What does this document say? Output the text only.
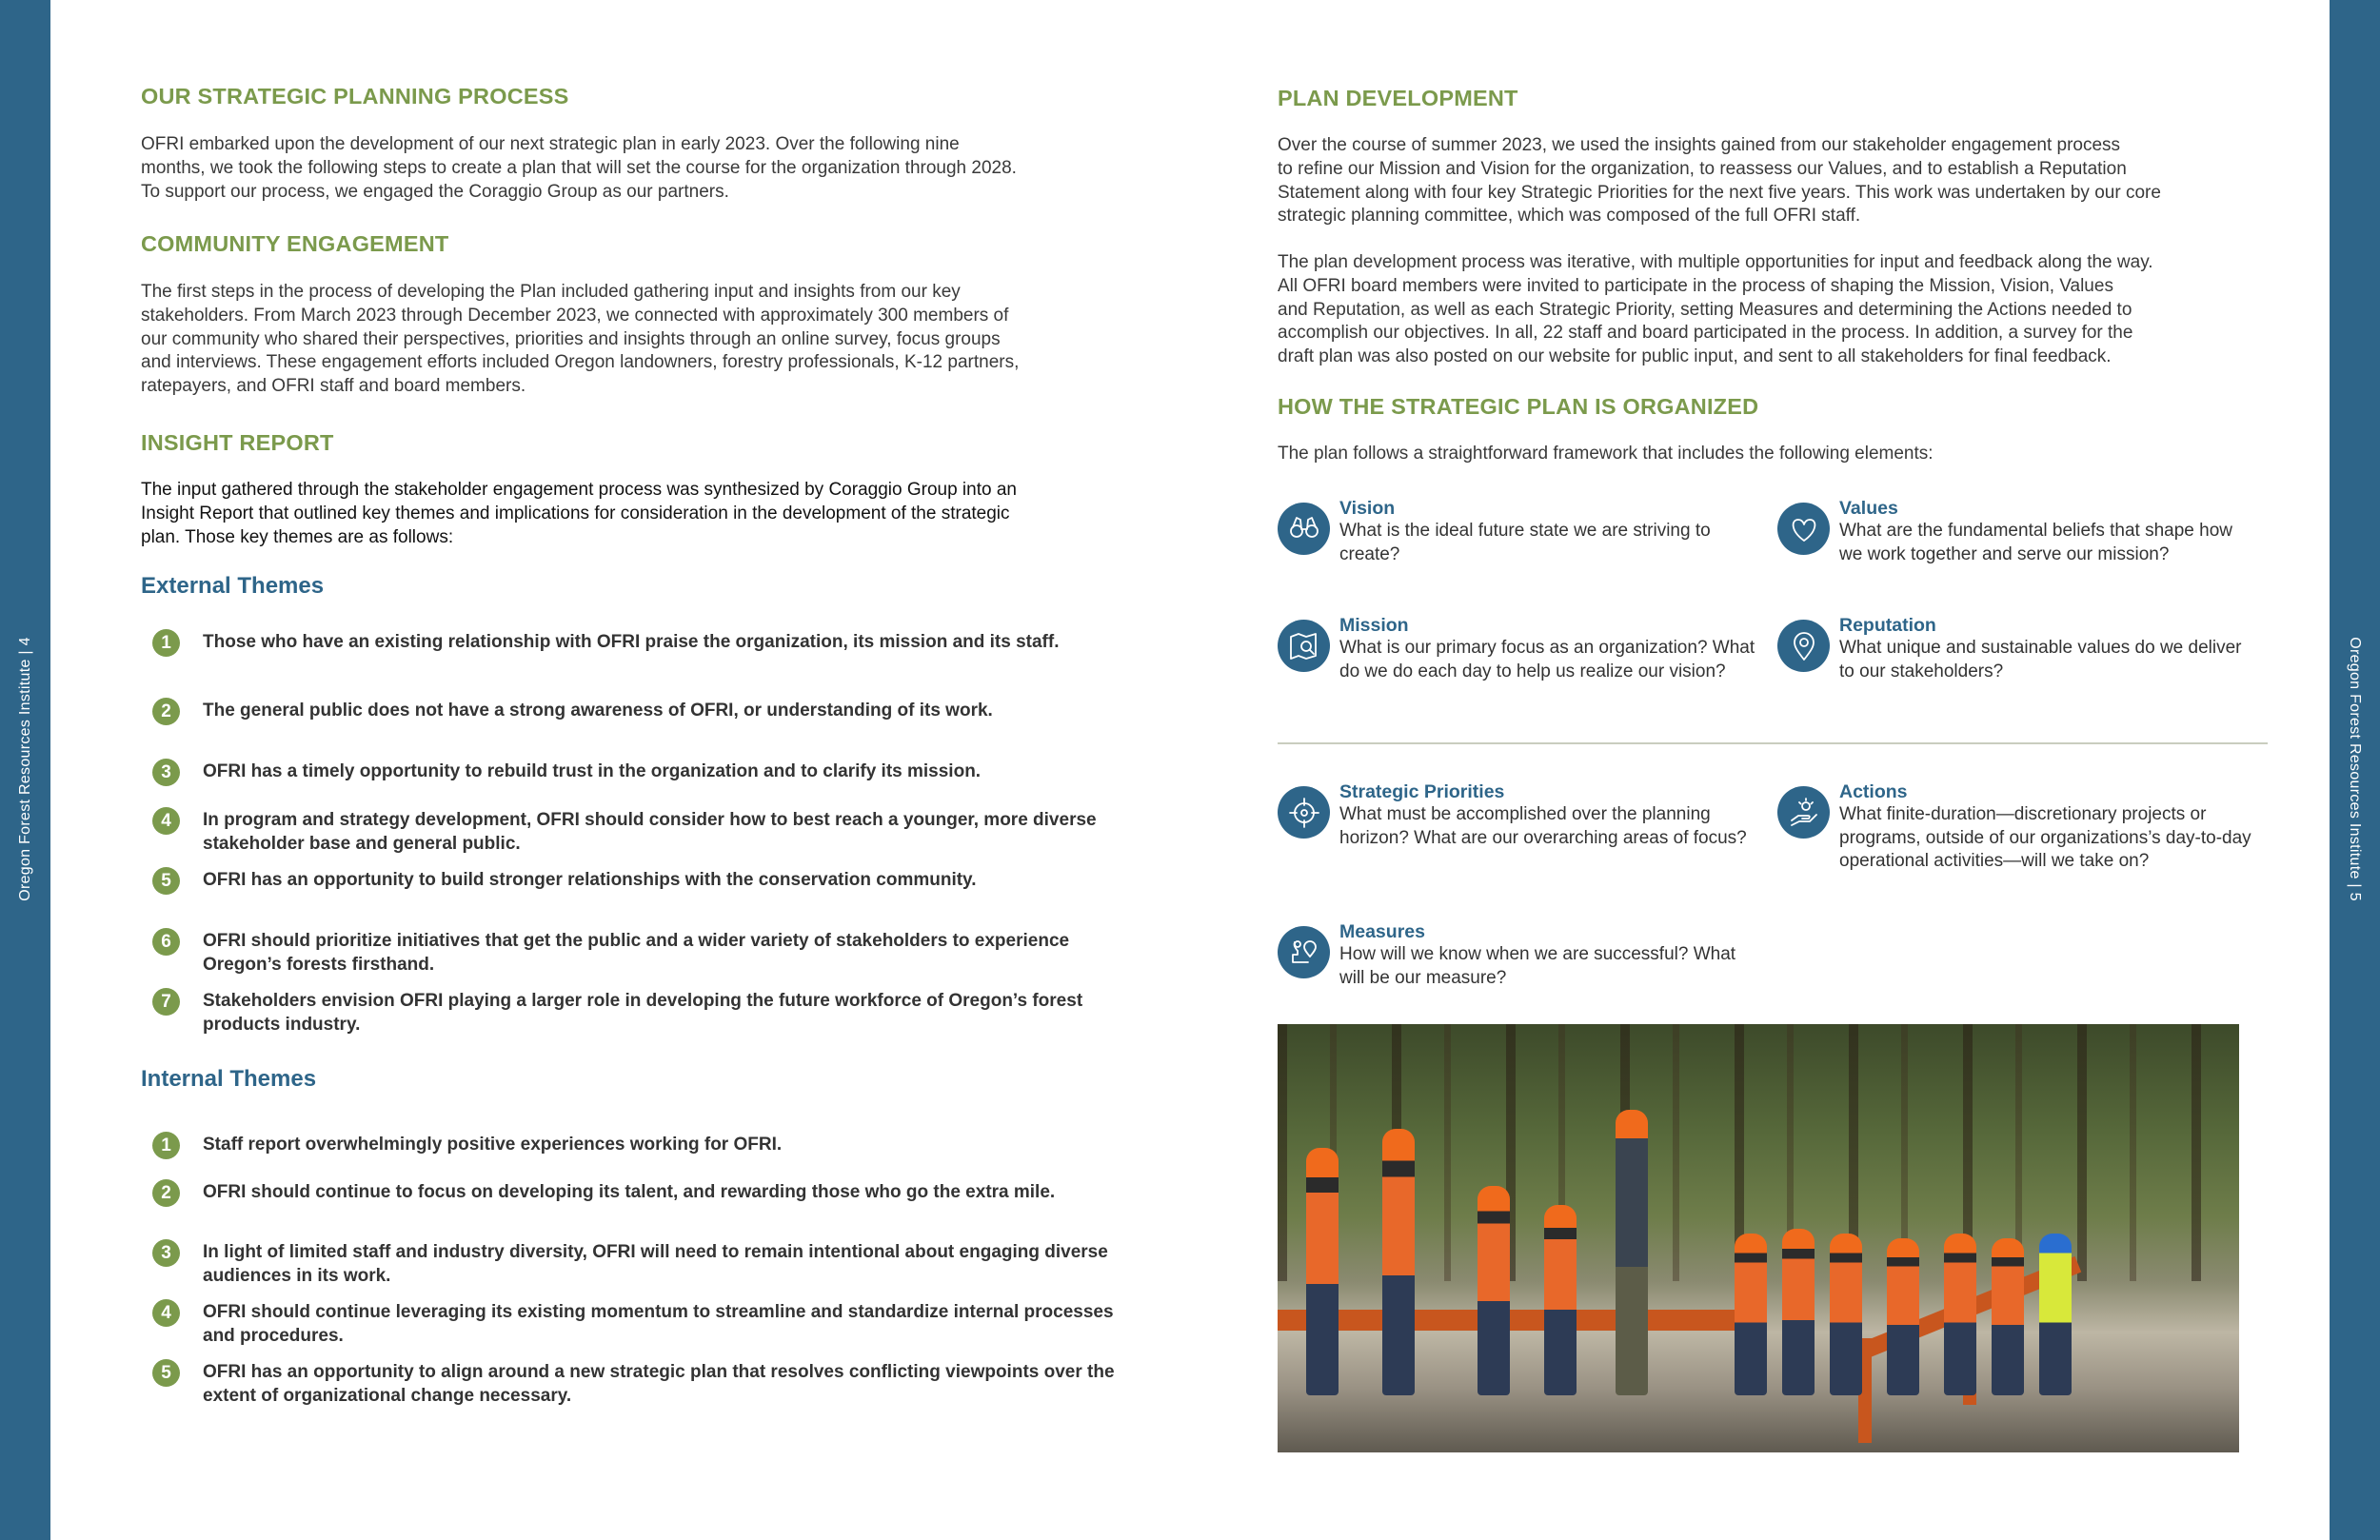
Oregon Forest Resources Institute | 4	Oregon Forest Resources Institute | 5
OUR STRATEGIC PLANNING PROCESS
OFRI embarked upon the development of our next strategic plan in early 2023. Over the following nine
months, we took the following steps to create a plan that will set the course for the organization through 2028.
To support our process, we engaged the Coraggio Group as our partners.
COMMUNITY ENGAGEMENT
The first steps in the process of developing the Plan included gathering input and insights from our key
stakeholders. From March 2023 through December 2023, we connected with approximately 300 members of
our community who shared their perspectives, priorities and insights through an online survey, focus groups
and interviews. These engagement efforts included Oregon landowners, forestry professionals, K-12 partners,
ratepayers, and OFRI staff and board members.
INSIGHT REPORT
The input gathered through the stakeholder engagement process was synthesized by Coraggio Group into an
Insight Report that outlined key themes and implications for consideration in the development of the strategic
plan. Those key themes are as follows:
External Themes
1	Those who have an existing relationship with OFRI praise the organization, its mission and its staff.
2	The general public does not have a strong awareness of OFRI, or understanding of its work.
3	OFRI has a timely opportunity to rebuild trust in the organization and to clarify its mission.
4	In program and strategy development, OFRI should consider how to best reach a younger, more diverse stakeholder base and general public.
5	OFRI has an opportunity to build stronger relationships with the conservation community.
6	OFRI should prioritize initiatives that get the public and a wider variety of stakeholders to experience Oregon’s forests firsthand.
7	Stakeholders envision OFRI playing a larger role in developing the future workforce of Oregon’s forest products industry.
Internal Themes
1	Staff report overwhelmingly positive experiences working for OFRI.
2	OFRI should continue to focus on developing its talent, and rewarding those who go the extra mile.
3	In light of limited staff and industry diversity, OFRI will need to remain intentional about engaging diverse audiences in its work.
4	OFRI should continue leveraging its existing momentum to streamline and standardize internal processes and procedures.
5	OFRI has an opportunity to align around a new strategic plan that resolves conflicting viewpoints over the extent of organizational change necessary.
PLAN DEVELOPMENT
Over the course of summer 2023, we used the insights gained from our stakeholder engagement process
to refine our Mission and Vision for the organization, to reassess our Values, and to establish a Reputation
Statement along with four key Strategic Priorities for the next five years. This work was undertaken by our core
strategic planning committee, which was composed of the full OFRI staff.
The plan development process was iterative, with multiple opportunities for input and feedback along the way.
All OFRI board members were invited to participate in the process of shaping the Mission, Vision, Values
and Reputation, as well as each Strategic Priority, setting Measures and determining the Actions needed to
accomplish our objectives. In all, 22 staff and board participated in the process. In addition, a survey for the
draft plan was also posted on our website for public input, and sent to all stakeholders for final feedback.
HOW THE STRATEGIC PLAN IS ORGANIZED
The plan follows a straightforward framework that includes the following elements:
Vision
What is the ideal future state we are striving to create?
Values
What are the fundamental beliefs that shape how we work together and serve our mission?
Mission
What is our primary focus as an organization? What do we do each day to help us realize our vision?
Reputation
What unique and sustainable values do we deliver to our stakeholders?
Strategic Priorities
What must be accomplished over the planning horizon? What are our overarching areas of focus?
Actions
What finite-duration—discretionary projects or programs, outside of our organizations’s day-to-day operational activities—will we take on?
Measures
How will we know when we are successful? What will be our measure?
